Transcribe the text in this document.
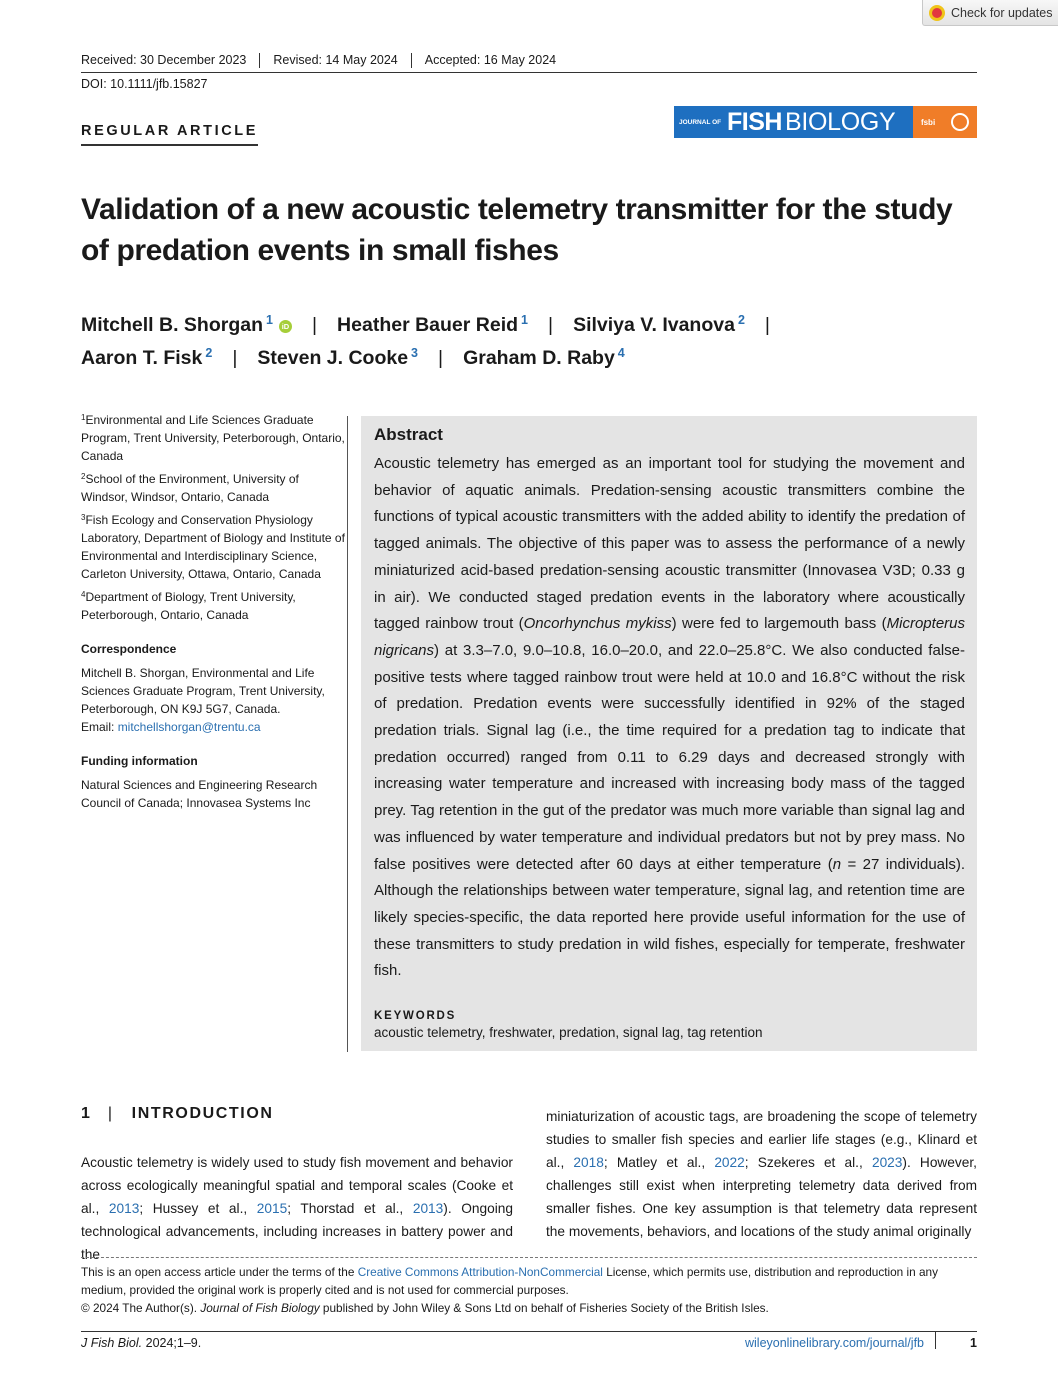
Check for updates
Received: 30 December 2023	Revised: 14 May 2024	Accepted: 16 May 2024
DOI: 10.1111/jfb.15827
REGULAR ARTICLE
JOURNAL OF FISH BIOLOGY	fsbi
Validation of a new acoustic telemetry transmitter for the study of predation events in small fishes
Mitchell B. Shorgan $^1$ iD | Heather Bauer Reid $^1$ | Silviya V. Ivanova $^2$ |
Aaron T. Fisk $^2$ | Steven J. Cooke $^3$ | Graham D. Raby $^4$

$^1$Environmental and Life Sciences Graduate Program, Trent University, Peterborough, Ontario, Canada

$^2$School of the Environment, University of Windsor, Windsor, Ontario, Canada

$^3$Fish Ecology and Conservation Physiology Laboratory, Department of Biology and Institute of Environmental and Interdisciplinary Science, Carleton University, Ottawa, Ontario, Canada

$^4$Department of Biology, Trent University, Peterborough, Ontario, Canada

Correspondence
Mitchell B. Shorgan, Environmental and Life Sciences Graduate Program, Trent University, Peterborough, ON K9J 5G7, Canada.
Email: mitchellshorgan@trentu.ca
Funding information
Natural Sciences and Engineering Research Council of Canada; Innovasea Systems Inc
Abstract

Acoustic telemetry has emerged as an important tool for studying the movement and behavior of aquatic animals. Predation-sensing acoustic transmitters combine the functions of typical acoustic transmitters with the added ability to identify the predation of tagged animals. The objective of this paper was to assess the performance of a newly miniaturized acid-based predation-sensing acoustic transmitter (Innovasea V3D; 0.33 g in air). We conducted staged predation events in the laboratory where acoustically tagged rainbow trout (Oncorhynchus mykiss) were fed to largemouth bass (Micropterus nigricans) at 3.3–7.0, 9.0–10.8, 16.0–20.0, and 22.0–25.8°C. We also conducted false-positive tests where tagged rainbow trout were held at 10.0 and 16.8°C without the risk of predation. Predation events were successfully identified in 92% of the staged predation trials. Signal lag (i.e., the time required for a predation tag to indicate that predation occurred) ranged from 0.11 to 6.29 days and decreased strongly with increasing water temperature and increased with increasing body mass of the tagged prey. Tag retention in the gut of the predator was much more variable than signal lag and was influenced by water temperature and individual predators but not by prey mass. No false positives were detected after 60 days at either temperature (n = 27 individuals). Although the relationships between water temperature, signal lag, and retention time are likely species-specific, the data reported here provide useful information for the use of these transmitters to study predation in wild fishes, especially for temperate, freshwater fish.

KEYWORDS
acoustic telemetry, freshwater, predation, signal lag, tag retention
1 | INTRODUCTION

Acoustic telemetry is widely used to study fish movement and behavior across ecologically meaningful spatial and temporal scales (Cooke et al., 2013; Hussey et al., 2015; Thorstad et al., 2013). Ongoing technological advancements, including increases in battery power and the

miniaturization of acoustic tags, are broadening the scope of telemetry studies to smaller fish species and earlier life stages (e.g., Klinard et al., 2018; Matley et al., 2022; Szekeres et al., 2023). However, challenges still exist when interpreting telemetry data derived from smaller fishes. One key assumption is that telemetry data represent the movements, behaviors, and locations of the study animal originally

This is an open access article under the terms of the Creative Commons Attribution-NonCommercial License, which permits use, distribution and reproduction in any medium, provided the original work is properly cited and is not used for commercial purposes.
© 2024 The Author(s). Journal of Fish Biology published by John Wiley & Sons Ltd on behalf of Fisheries Society of the British Isles.

J Fish Biol. 2024;1–9.	wileyonlinelibrary.com/journal/jfb	1
